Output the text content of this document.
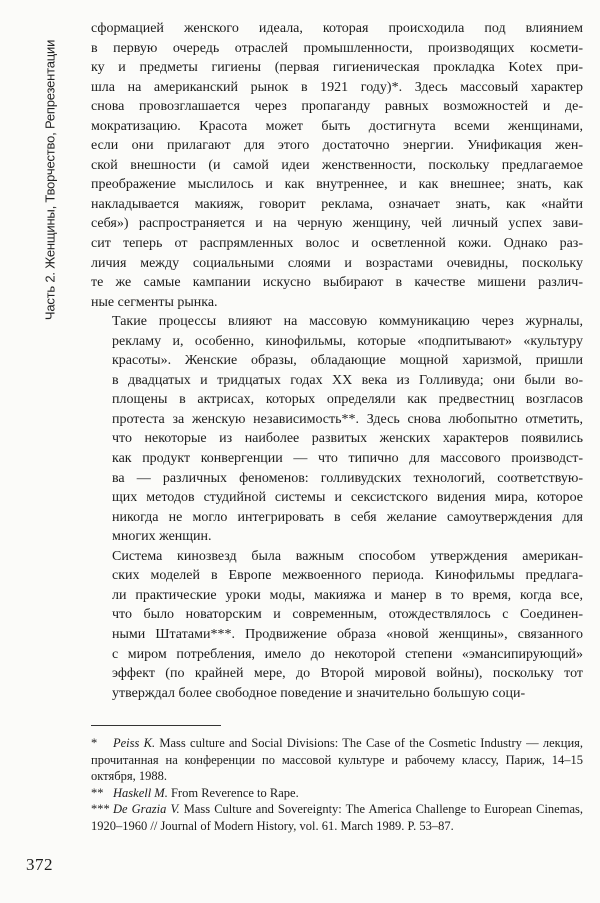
Часть 2. Женщины, Творчество, Репрезентации

сформацией женского идеала, которая происходила под влиянием
в первую очередь отраслей промышленности, производящих космети-
ку и предметы гигиены (первая гигиеническая прокладка Kotex при-
шла на американский рынок в 1921 году)*. Здесь массовый характер
снова провозглашается через пропаганду равных возможностей и де-
мократизацию. Красота может быть достигнута всеми женщинами,
если они прилагают для этого достаточно энергии. Унификация жен-
ской внешности (и самой идеи женственности, поскольку предлагаемое
преображение мыслилось и как внутреннее, и как внешнее; знать, как
накладывается макияж, говорит реклама, означает знать, как «найти
себя») распространяется и на черную женщину, чей личный успех зави-
сит теперь от распрямленных волос и осветленной кожи. Однако раз-
личия между социальными слоями и возрастами очевидны, поскольку
те же самые кампании искусно выбирают в качестве мишени различ-
ные сегменты рынка.

Такие процессы влияют на массовую коммуникацию через журналы,
рекламу и, особенно, кинофильмы, которые «подпитывают» «культуру
красоты». Женские образы, обладающие мощной харизмой, пришли
в двадцатых и тридцатых годах XX века из Голливуда; они были во-
площены в актрисах, которых определяли как предвестниц возгласов
протеста за женскую независимость**. Здесь снова любопытно отметить,
что некоторые из наиболее развитых женских характеров появились
как продукт конвергенции — что типично для массового производст-
ва — различных феноменов: голливудских технологий, соответствую-
щих методов студийной системы и сексистского видения мира, которое
никогда не могло интегрировать в себя желание самоутверждения для
многих женщин.

Система кинозвезд была важным способом утверждения американ-
ских моделей в Европе межвоенного периода. Кинофильмы предлага-
ли практические уроки моды, макияжа и манер в то время, когда все,
что было новаторским и современным, отождествлялось с Соединен-
ными Штатами***. Продвижение образа «новой женщины», связанного
с миром потребления, имело до некоторой степени «эмансипирующий»
эффект (по крайней мере, до Второй мировой войны), поскольку тот
утверждал более свободное поведение и значительно большую соци-

* Peiss K. Mass culture and Social Divisions: The Case of the Cosmetic Industry — лекция, прочитанная на конференции по массовой культуре и рабочему классу, Париж, 14–15 октября, 1988.

** Haskell M. From Reverence to Rape.

*** De Grazia V. Mass Culture and Sovereignty: The America Challenge to European Cinemas, 1920–1960 // Journal of Modern History, vol. 61. March 1989. P. 53–87.

372
